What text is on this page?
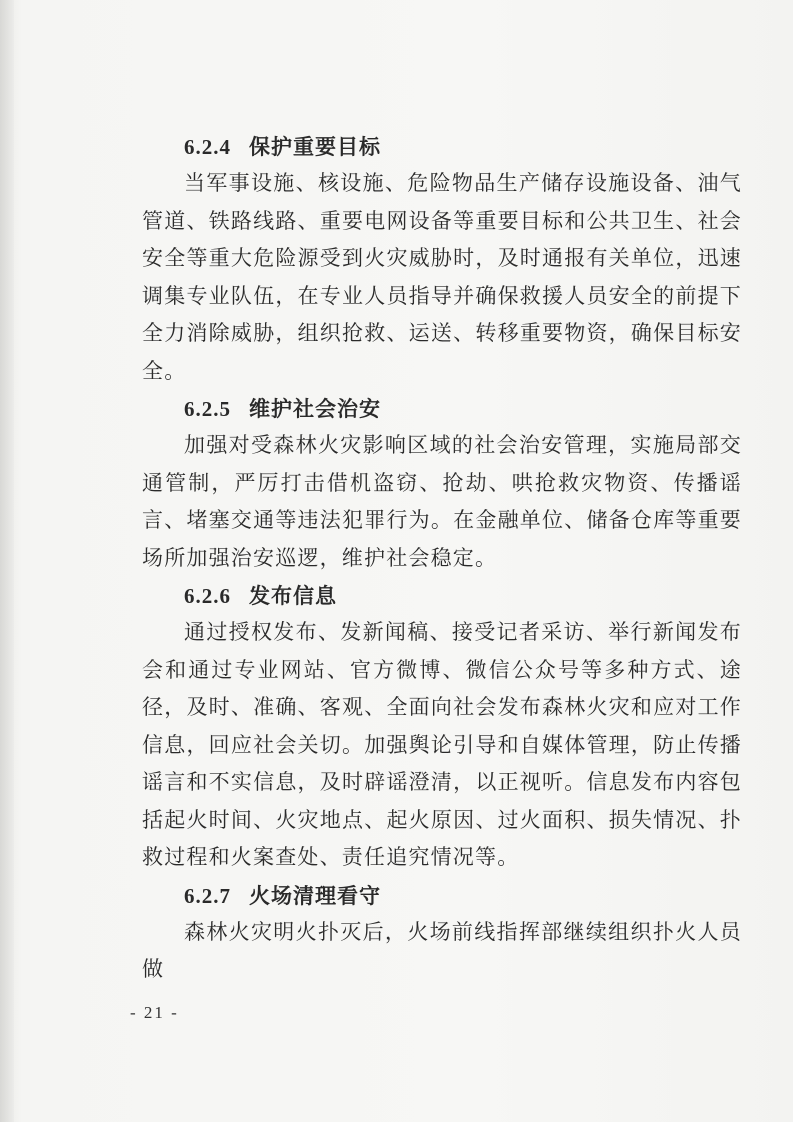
6.2.4 保护重要目标

当军事设施、核设施、危险物品生产储存设施设备、油气管道、铁路线路、重要电网设备等重要目标和公共卫生、社会安全等重大危险源受到火灾威胁时，及时通报有关单位，迅速调集专业队伍，在专业人员指导并确保救援人员安全的前提下全力消除威胁，组织抢救、运送、转移重要物资，确保目标安全。

6.2.5 维护社会治安

加强对受森林火灾影响区域的社会治安管理，实施局部交通管制，严厉打击借机盗窃、抢劫、哄抢救灾物资、传播谣言、堵塞交通等违法犯罪行为。在金融单位、储备仓库等重要场所加强治安巡逻，维护社会稳定。

6.2.6 发布信息

通过授权发布、发新闻稿、接受记者采访、举行新闻发布会和通过专业网站、官方微博、微信公众号等多种方式、途径，及时、准确、客观、全面向社会发布森林火灾和应对工作信息，回应社会关切。加强舆论引导和自媒体管理，防止传播谣言和不实信息，及时辟谣澄清，以正视听。信息发布内容包括起火时间、火灾地点、起火原因、过火面积、损失情况、扑救过程和火案查处、责任追究情况等。

6.2.7 火场清理看守

森林火灾明火扑灭后，火场前线指挥部继续组织扑火人员做

- 21 -
